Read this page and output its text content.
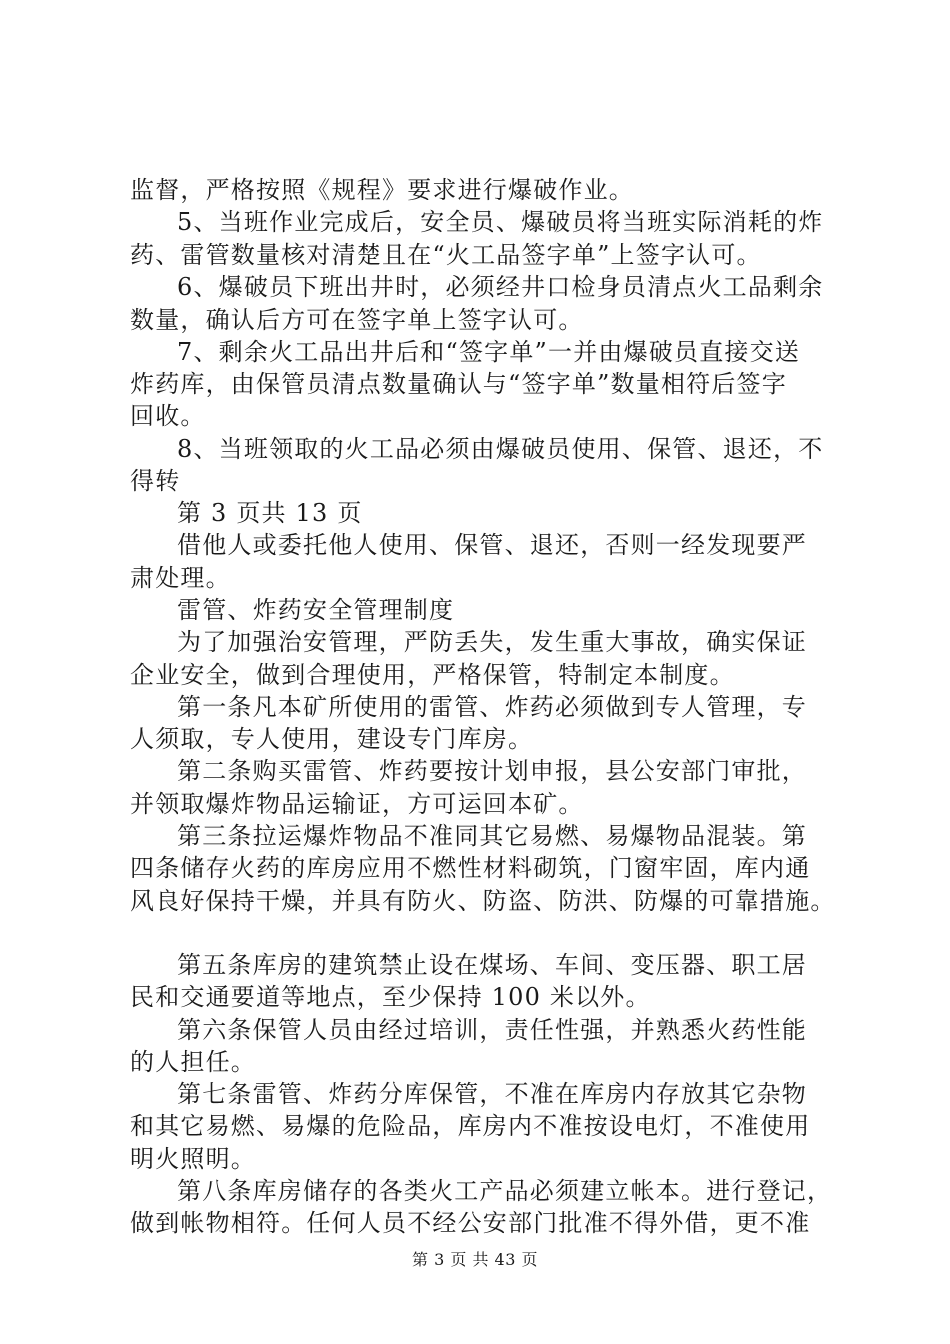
监督，严格按照《规程》要求进行爆破作业。
5、当班作业完成后，安全员、爆破员将当班实际消耗的炸
药、雷管数量核对清楚且在“火工品签字单”上签字认可。
6、爆破员下班出井时，必须经井口检身员清点火工品剩余
数量，确认后方可在签字单上签字认可。
7、剩余火工品出井后和“签字单”一并由爆破员直接交送
炸药库，由保管员清点数量确认与“签字单”数量相符后签字
回收。
8、当班领取的火工品必须由爆破员使用、保管、退还，不
得转
第 3 页共 13 页
借他人或委托他人使用、保管、退还，否则一经发现要严
肃处理。
雷管、炸药安全管理制度
为了加强治安管理，严防丢失，发生重大事故，确实保证
企业安全，做到合理使用，严格保管，特制定本制度。
第一条凡本矿所使用的雷管、炸药必须做到专人管理，专
人须取，专人使用，建设专门库房。
第二条购买雷管、炸药要按计划申报，县公安部门审批，
并领取爆炸物品运输证，方可运回本矿。
第三条拉运爆炸物品不准同其它易燃、易爆物品混装。第
四条储存火药的库房应用不燃性材料砌筑，门窗牢固，库内通
风良好保持干燥，并具有防火、防盗、防洪、防爆的可靠措施。
第五条库房的建筑禁止设在煤场、车间、变压器、职工居
民和交通要道等地点，至少保持 100 米以外。
第六条保管人员由经过培训，责任性强，并熟悉火药性能
的人担任。
第七条雷管、炸药分库保管，不准在库房内存放其它杂物
和其它易燃、易爆的危险品，库房内不准按设电灯，不准使用
明火照明。
第八条库房储存的各类火工产品必须建立帐本。进行登记，
做到帐物相符。任何人员不经公安部门批准不得外借，更不准
第 3 页 共 43 页
